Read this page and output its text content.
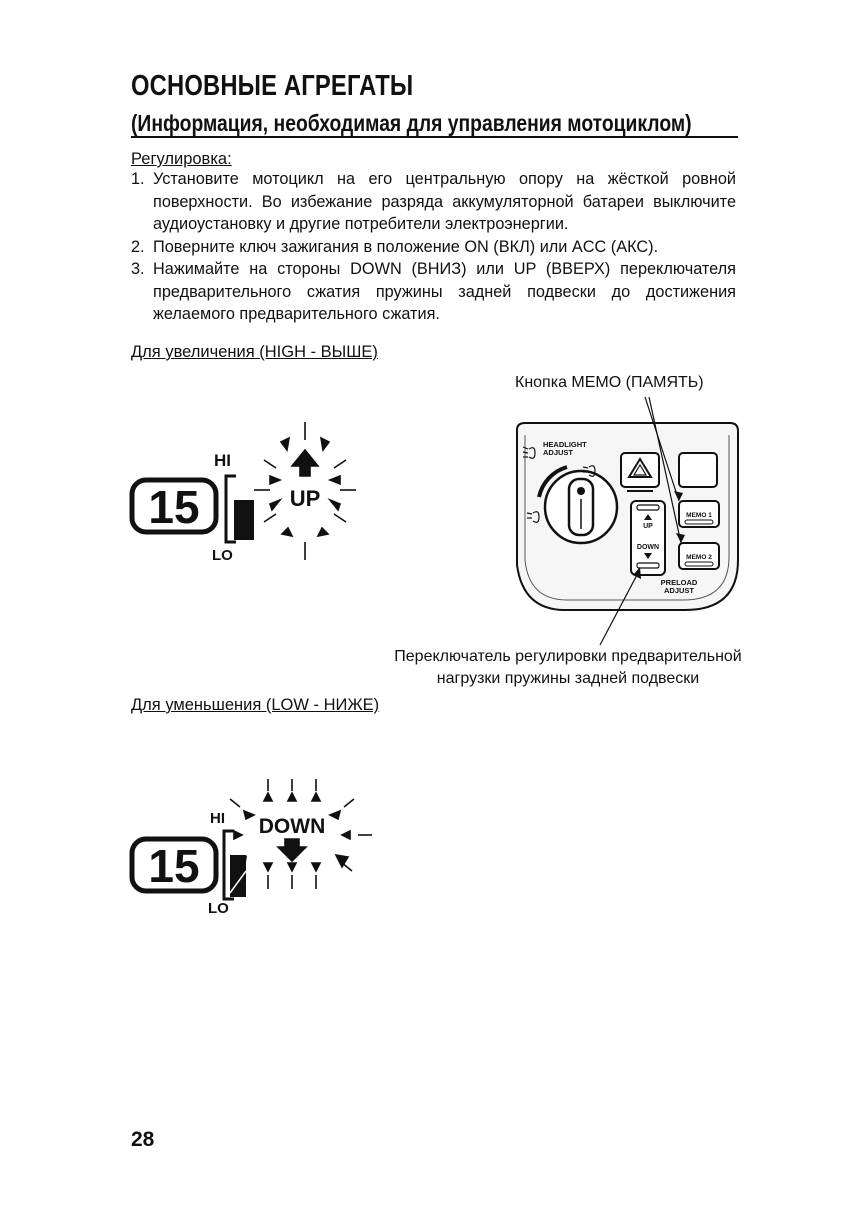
ОСНОВНЫЕ АГРЕГАТЫ
(Информация, необходимая для управления мотоциклом)
Регулировка:
1. Установите мотоцикл на его центральную опору на жёсткой ровной поверхности. Во избежание разряда аккумуляторной батареи выключите аудиоустановку и другие потребители электроэнергии.
2. Поверните ключ зажигания в положение ON (ВКЛ) или ACC (АКС).
3. Нажимайте на стороны DOWN (ВНИЗ) или UP (ВВЕРХ) переключателя предварительного сжатия пружины задней подвески до достижения желаемого предварительного сжатия.
Для увеличения (HIGH - ВЫШЕ)
Кнопка MEMO (ПАМЯТЬ)
15
HI
LO
UP
HEADLIGHT
ADJUST
UP
DOWN
MEMO 1
MEMO 2
PRELOAD
ADJUST
Переключатель регулировки предварительной
нагрузки пружины задней подвески
Для уменьшения (LOW - НИЖЕ)
15
HI
LO
DOWN
28
